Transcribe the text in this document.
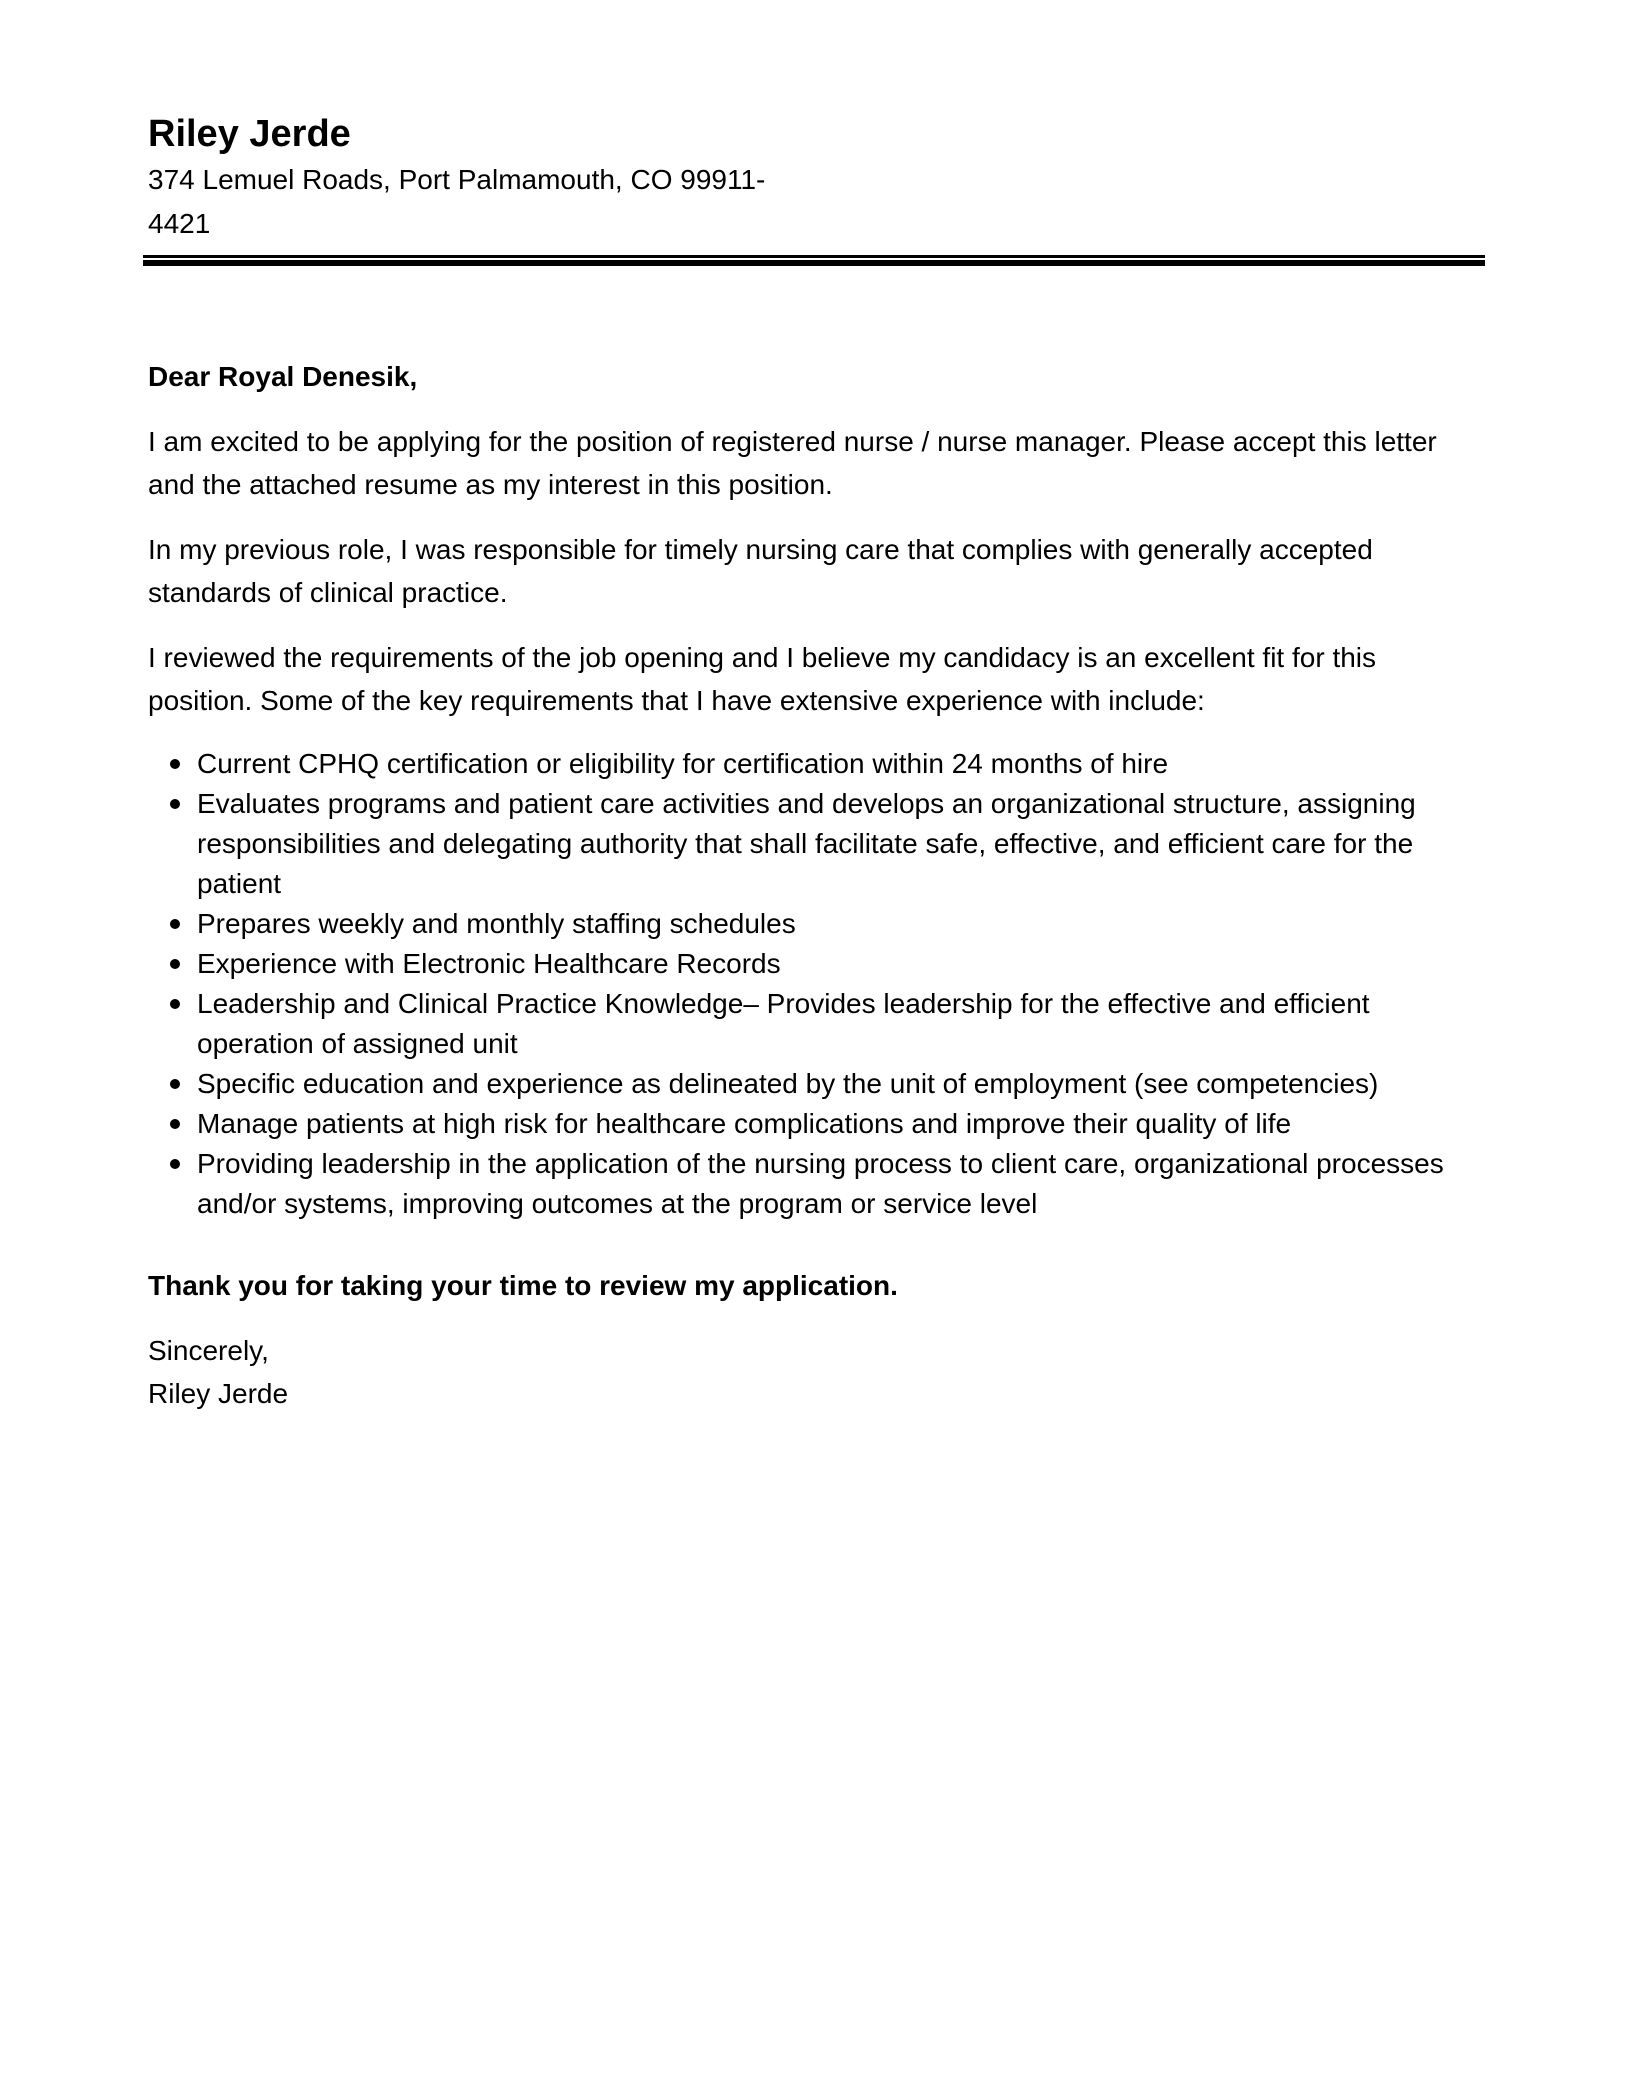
Riley Jerde

374 Lemuel Roads, Port Palmamouth, CO 99911-4421

Dear Royal Denesik,

I am excited to be applying for the position of registered nurse / nurse manager. Please accept this letter and the attached resume as my interest in this position.

In my previous role, I was responsible for timely nursing care that complies with generally accepted standards of clinical practice.

I reviewed the requirements of the job opening and I believe my candidacy is an excellent fit for this position. Some of the key requirements that I have extensive experience with include:

Current CPHQ certification or eligibility for certification within 24 months of hire
Evaluates programs and patient care activities and develops an organizational structure, assigning responsibilities and delegating authority that shall facilitate safe, effective, and efficient care for the patient
Prepares weekly and monthly staffing schedules
Experience with Electronic Healthcare Records
Leadership and Clinical Practice Knowledge– Provides leadership for the effective and efficient operation of assigned unit
Specific education and experience as delineated by the unit of employment (see competencies)
Manage patients at high risk for healthcare complications and improve their quality of life
Providing leadership in the application of the nursing process to client care, organizational processes and/or systems, improving outcomes at the program or service level

Thank you for taking your time to review my application.

Sincerely,

Riley Jerde
